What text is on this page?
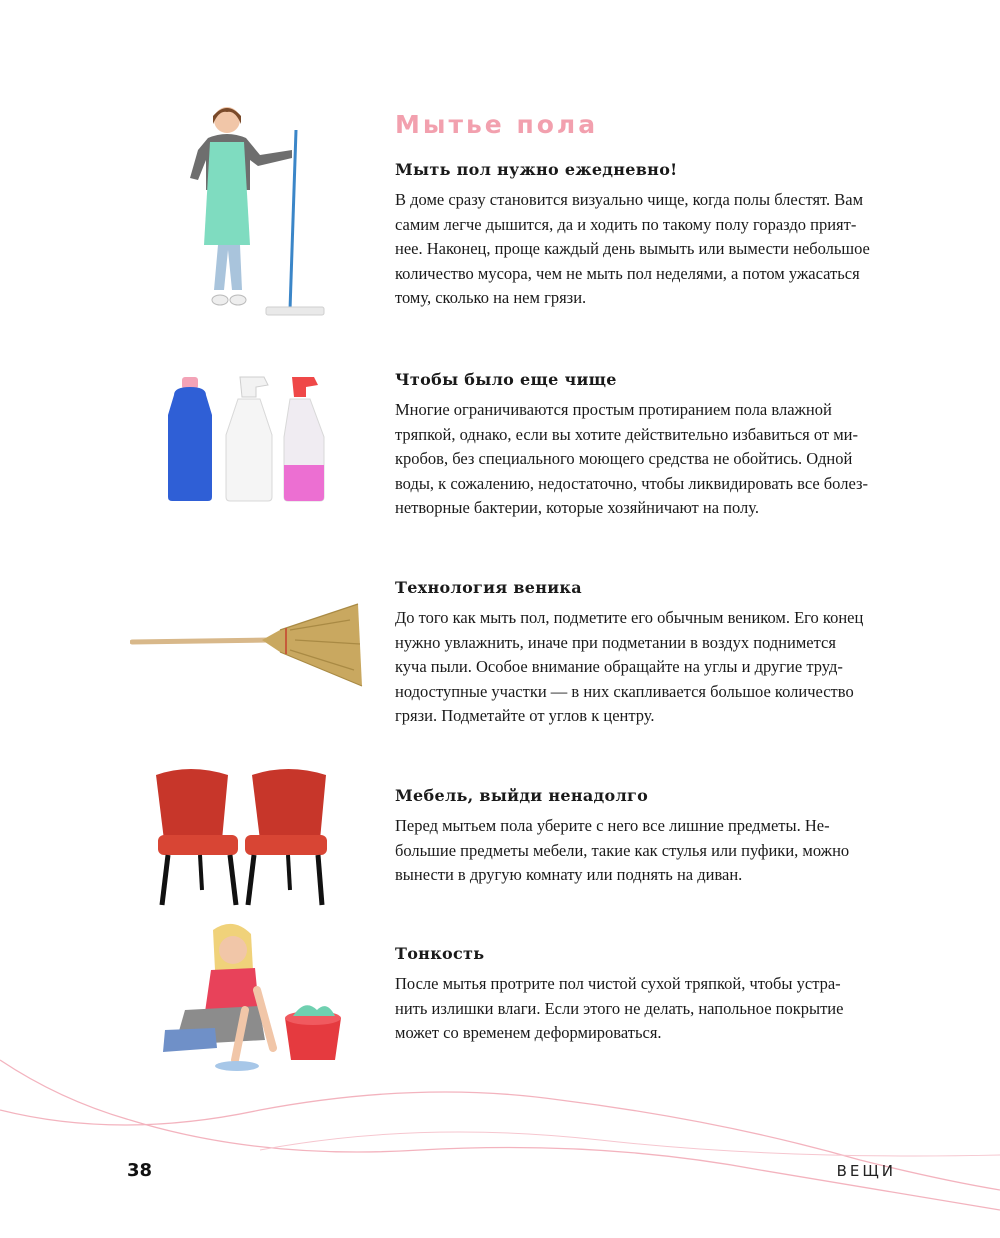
Мытье пола
Мыть пол нужно ежедневно!

В доме сразу становится визуально чище, когда полы блестят. Вам
самим легче дышится, да и ходить по такому полу гораздо прият-
нее. Наконец, проще каждый день вымыть или вымести небольшое
количество мусора, чем не мыть пол неделями, а потом ужасаться
тому, сколько на нем грязи.

Чтобы было еще чище

Многие ограничиваются простым протиранием пола влажной
тряпкой, однако, если вы хотите действительно избавиться от ми-
кробов, без специального моющего средства не обойтись. Одной
воды, к сожалению, недостаточно, чтобы ликвидировать все болез-
нетворные бактерии, которые хозяйничают на полу.

Технология веника

До того как мыть пол, подметите его обычным веником. Его конец
нужно увлажнить, иначе при подметании в воздух поднимется
куча пыли. Особое внимание обращайте на углы и другие труд-
нодоступные участки — в них скапливается большое количество
грязи. Подметайте от углов к центру.

Мебель, выйди ненадолго

Перед мытьем пола уберите с него все лишние предметы. Не-
большие предметы мебели, такие как стулья или пуфики, можно
вынести в другую комнату или поднять на диван.

Тонкость

После мытья протрите пол чистой сухой тряпкой, чтобы устра-
нить излишки влаги. Если этого не делать, напольное покрытие
может со временем деформироваться.

38	ВЕЩИ
